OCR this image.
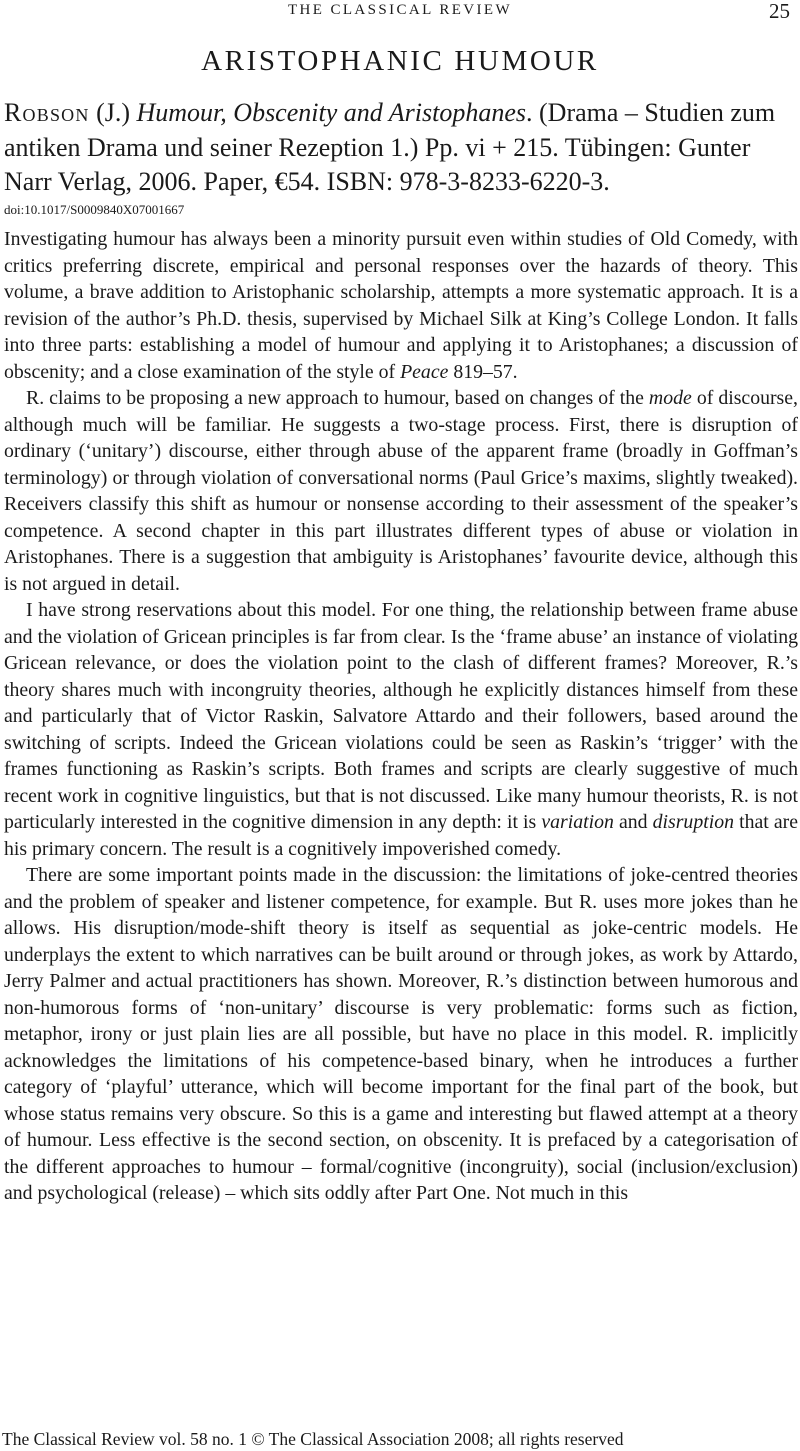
THE CLASSICAL REVIEW	25
ARISTOPHANIC HUMOUR

Robson (J.) Humour, Obscenity and Aristophanes. (Drama – Studien zum antiken Drama und seiner Rezeption 1.) Pp. vi + 215. Tübingen: Gunter Narr Verlag, 2006. Paper, €54. ISBN: 978-3-8233-6220-3.

doi:10.1017/S0009840X07001667

Investigating humour has always been a minority pursuit even within studies of Old Comedy, with critics preferring discrete, empirical and personal responses over the hazards of theory. This volume, a brave addition to Aristophanic scholarship, attempts a more systematic approach. It is a revision of the author’s Ph.D. thesis, supervised by Michael Silk at King’s College London. It falls into three parts: establishing a model of humour and applying it to Aristophanes; a discussion of obscenity; and a close examination of the style of Peace 819–57.

R. claims to be proposing a new approach to humour, based on changes of the mode of discourse, although much will be familiar. He suggests a two-stage process. First, there is disruption of ordinary (‘unitary’) discourse, either through abuse of the apparent frame (broadly in Goffman’s terminology) or through violation of conversational norms (Paul Grice’s maxims, slightly tweaked). Receivers classify this shift as humour or nonsense according to their assessment of the speaker’s competence. A second chapter in this part illustrates different types of abuse or violation in Aristophanes. There is a suggestion that ambiguity is Aristophanes’ favourite device, although this is not argued in detail.

I have strong reservations about this model. For one thing, the relationship between frame abuse and the violation of Gricean principles is far from clear. Is the ‘frame abuse’ an instance of violating Gricean relevance, or does the violation point to the clash of different frames? Moreover, R.’s theory shares much with incongruity theories, although he explicitly distances himself from these and particularly that of Victor Raskin, Salvatore Attardo and their followers, based around the switching of scripts. Indeed the Gricean violations could be seen as Raskin’s ‘trigger’ with the frames functioning as Raskin’s scripts. Both frames and scripts are clearly suggestive of much recent work in cognitive linguistics, but that is not discussed. Like many humour theorists, R. is not particularly interested in the cognitive dimension in any depth: it is variation and disruption that are his primary concern. The result is a cognitively impoverished comedy.

There are some important points made in the discussion: the limitations of joke-centred theories and the problem of speaker and listener competence, for example. But R. uses more jokes than he allows. His disruption/mode-shift theory is itself as sequential as joke-centric models. He underplays the extent to which narratives can be built around or through jokes, as work by Attardo, Jerry Palmer and actual practitioners has shown. Moreover, R.’s distinction between humorous and non-humorous forms of ‘non-unitary’ discourse is very problematic: forms such as fiction, metaphor, irony or just plain lies are all possible, but have no place in this model. R. implicitly acknowledges the limitations of his competence-based binary, when he introduces a further category of ‘playful’ utterance, which will become important for the final part of the book, but whose status remains very obscure. So this is a game and interesting but flawed attempt at a theory of humour. Less effective is the second section, on obscenity. It is prefaced by a categorisation of the different approaches to humour – formal/cognitive (incongruity), social (inclusion/exclusion) and psychological (release) – which sits oddly after Part One. Not much in this

The Classical Review vol. 58 no. 1 © The Classical Association 2008; all rights reserved
